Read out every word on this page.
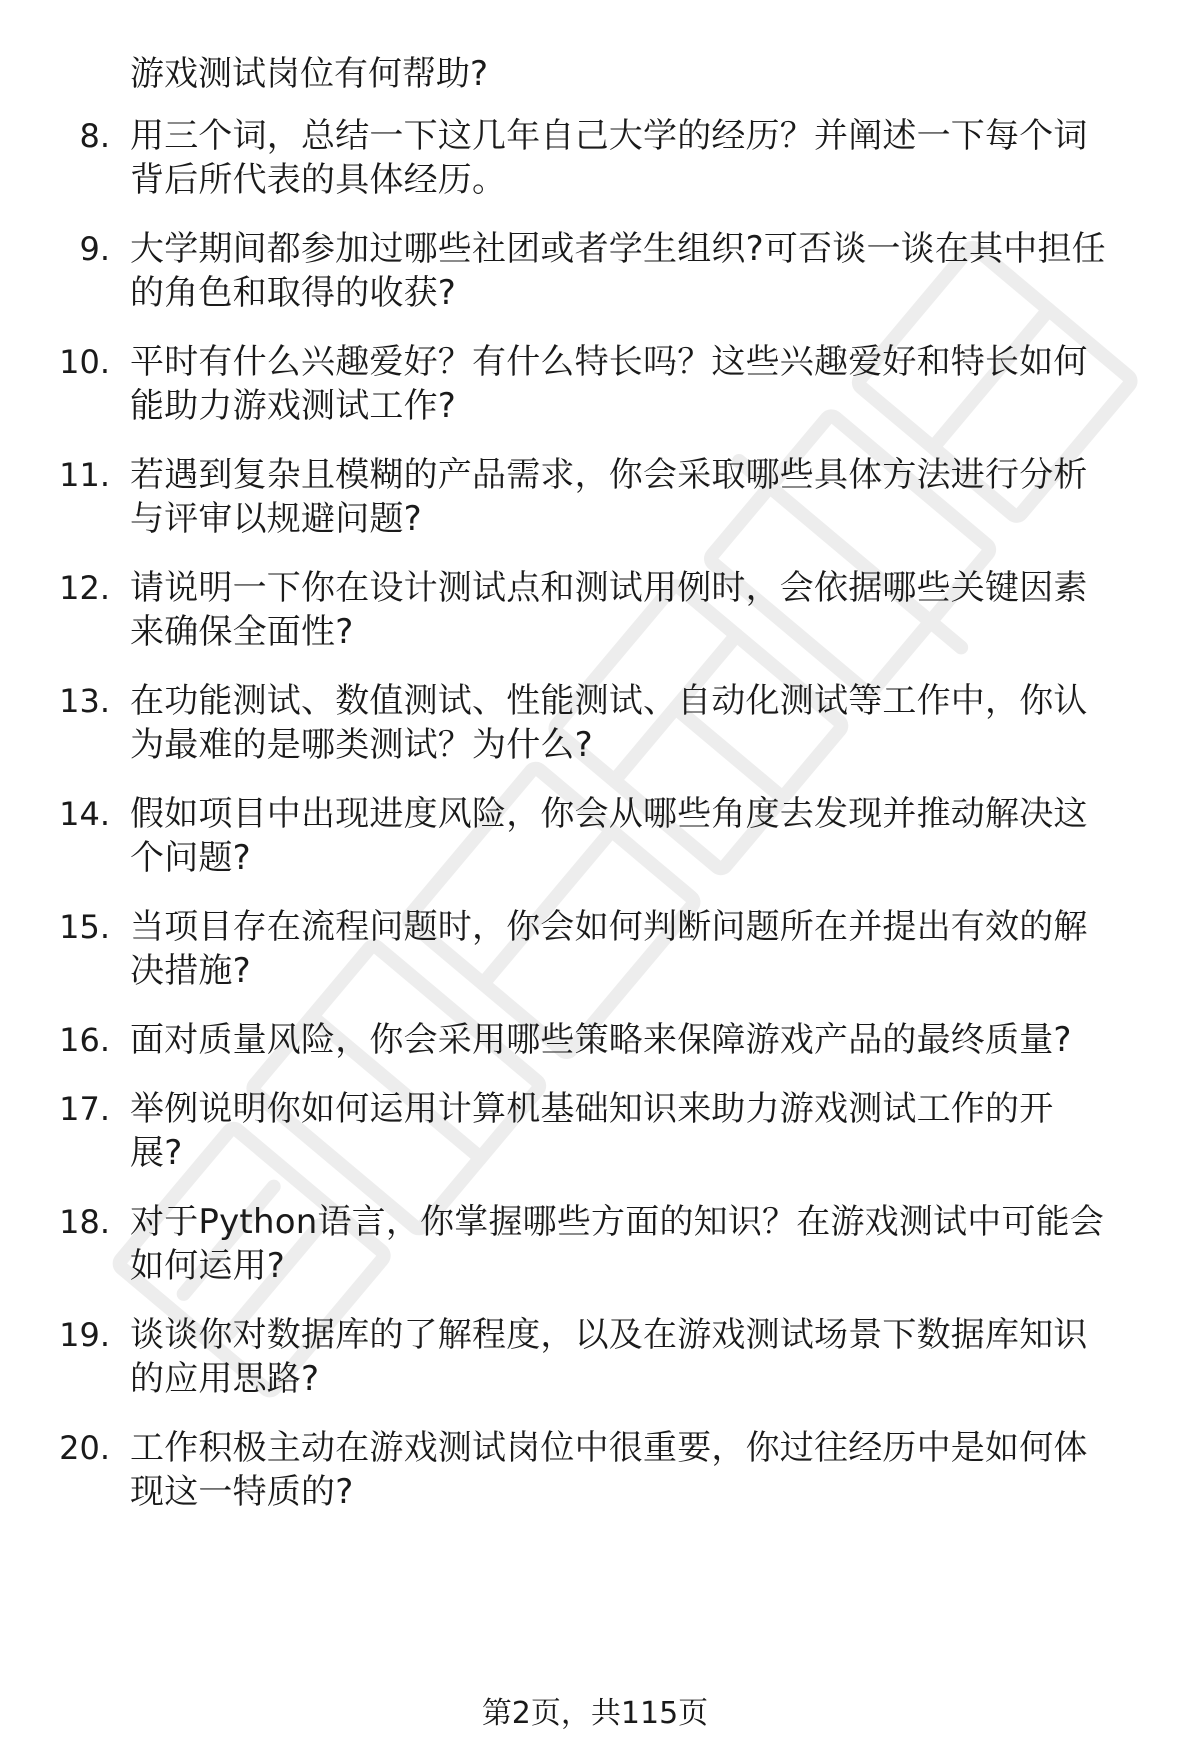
游戏测试岗位有何帮助?
8. 用三个词，总结一下这几年自己大学的经历？并阐述一下每个词
背后所代表的具体经历。
9. 大学期间都参加过哪些社团或者学生组织?可否谈一谈在其中担任
的角色和取得的收获?
10. 平时有什么兴趣爱好？有什么特长吗？这些兴趣爱好和特长如何
能助力游戏测试工作?
11. 若遇到复杂且模糊的产品需求，你会采取哪些具体方法进行分析
与评审以规避问题?
12. 请说明一下你在设计测试点和测试用例时，会依据哪些关键因素
来确保全面性?
13. 在功能测试、数值测试、性能测试、自动化测试等工作中，你认
为最难的是哪类测试？为什么?
14. 假如项目中出现进度风险，你会从哪些角度去发现并推动解决这
个问题?
15. 当项目存在流程问题时，你会如何判断问题所在并提出有效的解
决措施?
16. 面对质量风险，你会采用哪些策略来保障游戏产品的最终质量?
17. 举例说明你如何运用计算机基础知识来助力游戏测试工作的开
展?
18. 对于Python语言，你掌握哪些方面的知识？在游戏测试中可能会
如何运用?
19. 谈谈你对数据库的了解程度，以及在游戏测试场景下数据库知识
的应用思路?
20. 工作积极主动在游戏测试岗位中很重要，你过往经历中是如何体
现这一特质的?
第2页，共115页
